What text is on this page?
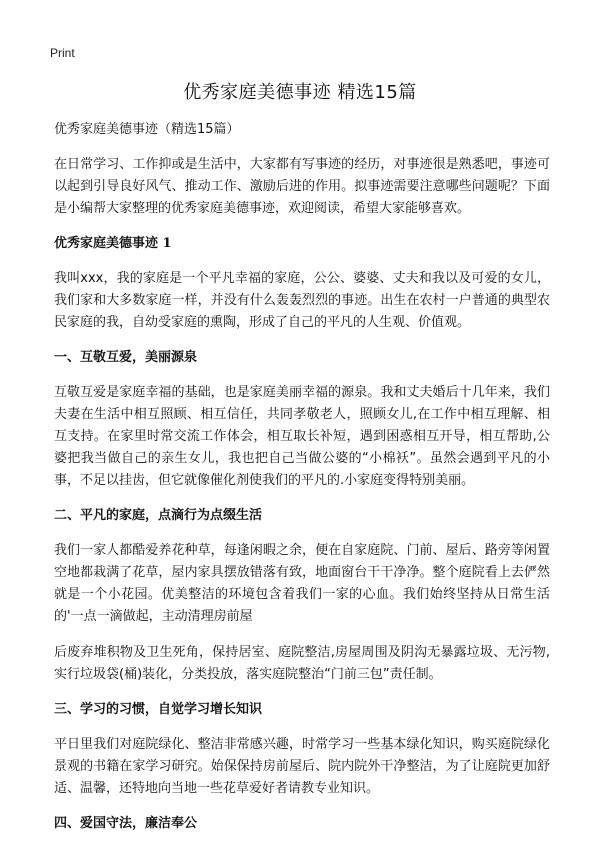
Print
优秀家庭美德事迹 精选15篇
优秀家庭美德事迹（精选15篇）

在日常学习、工作抑或是生活中，大家都有写事迹的经历，对事迹很是熟悉吧，事迹可以起到引导良好风气、推动工作、激励后进的作用。拟事迹需要注意哪些问题呢？下面是小编帮大家整理的优秀家庭美德事迹，欢迎阅读，希望大家能够喜欢。

优秀家庭美德事迹 1

我叫xxx，我的家庭是一个平凡幸福的家庭，公公、婆婆、丈夫和我以及可爱的女儿，我们家和大多数家庭一样，并没有什么轰轰烈烈的事迹。出生在农村一户普通的典型农民家庭的我，自幼受家庭的熏陶，形成了自己的平凡的人生观、价值观。

一、互敬互爱，美丽源泉

互敬互爱是家庭幸福的基础，也是家庭美丽幸福的源泉。我和丈夫婚后十几年来，我们夫妻在生活中相互照顾、相互信任，共同孝敬老人，照顾女儿,在工作中相互理解、相互支持。在家里时常交流工作体会，相互取长补短，遇到困惑相互开导，相互帮助,公婆把我当做自己的亲生女儿，我也把自己当做公婆的“小棉袄”。虽然会遇到平凡的小事，不足以挂齿，但它就像催化剂使我们的平凡的.小家庭变得特别美丽。

二、平凡的家庭，点滴行为点缀生活

我们一家人都酷爱养花种草，每逢闲暇之余，便在自家庭院、门前、屋后、路旁等闲置空地都栽满了花草，屋内家具摆放错落有致，地面窗台干干净净。整个庭院看上去俨然就是一个小花园。优美整洁的环境包含着我们一家的心血。我们始终坚持从日常生活的'一点一滴做起，主动清理房前屋

后废弃堆积物及卫生死角，保持居室、庭院整洁,房屋周围及阴沟无暴露垃圾、无污物,实行垃圾袋(桶)装化，分类投放，落实庭院整治“门前三包”责任制。

三、学习的习惯，自觉学习增长知识

平日里我们对庭院绿化、整洁非常感兴趣，时常学习一些基本绿化知识，购买庭院绿化景观的书籍在家学习研究。始保保持房前屋后、院内院外干净整洁，为了让庭院更加舒适、温馨，还特地向当地一些花草爱好者请教专业知识。

四、爱国守法，廉洁奉公
